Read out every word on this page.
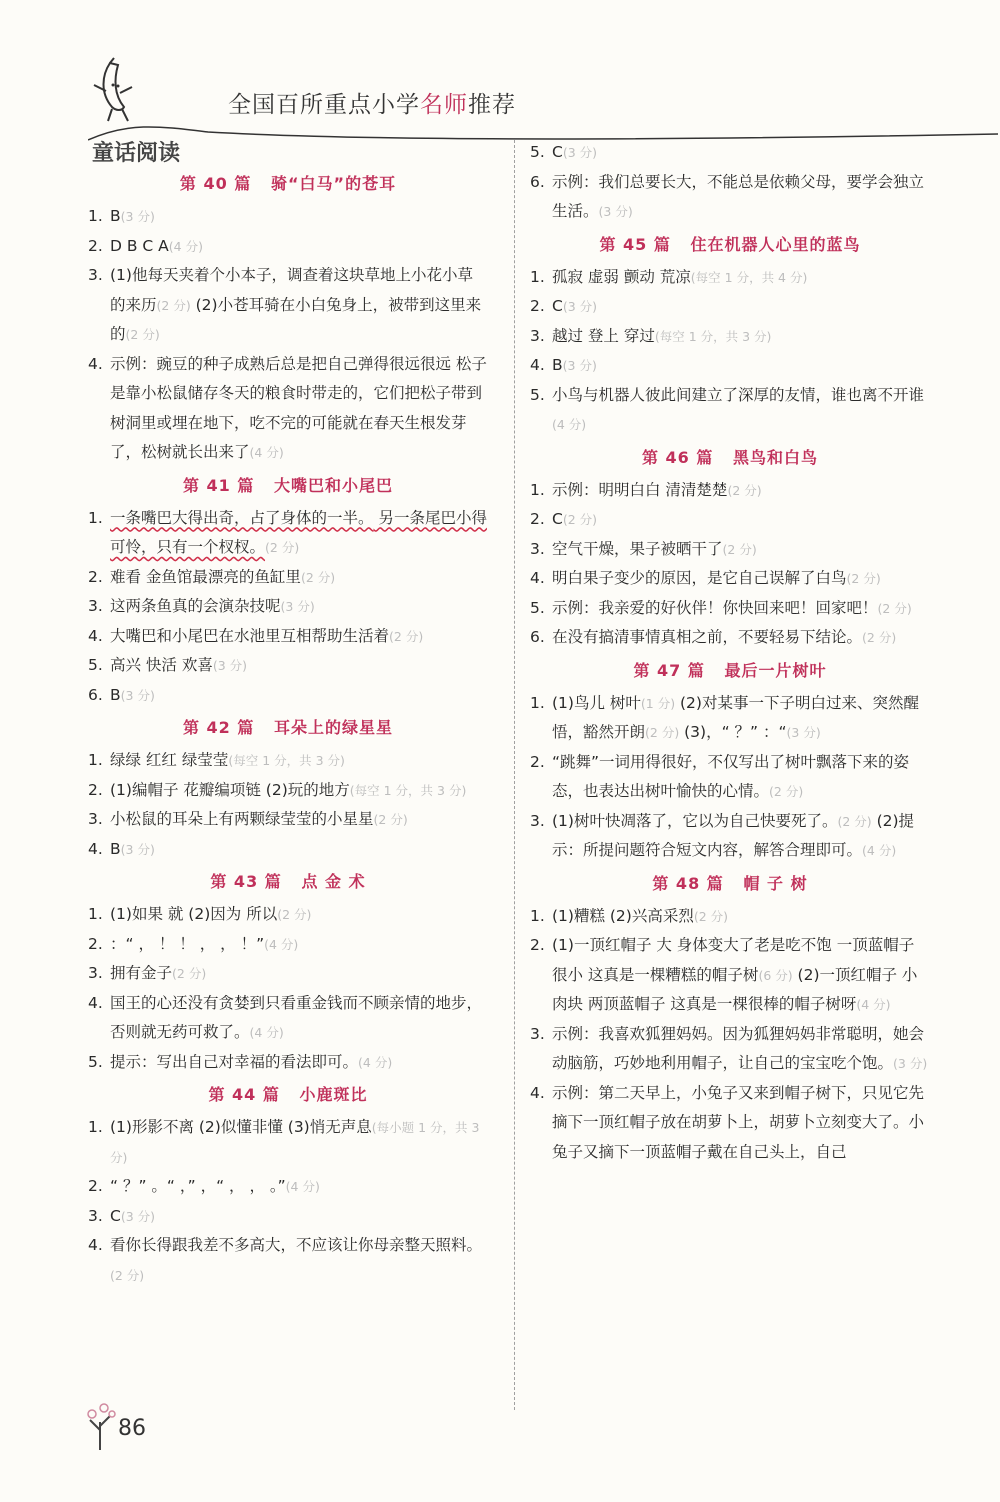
全国百所重点小学名师推荐
童话阅读
第 40 篇   骑“白马”的苍耳
1. B(3 分)
2. D B C A(4 分)
3. (1)他每天夹着个小本子，调查着这块草地上小花小草的来历(2 分) (2)小苍耳骑在小白兔身上，被带到这里来的(2 分)
4. 示例：豌豆的种子成熟后总是把自己弹得很远很远 松子是靠小松鼠储存冬天的粮食时带走的，它们把松子带到树洞里或埋在地下，吃不完的可能就在春天生根发芽了，松树就长出来了(4 分)
第 41 篇   大嘴巴和小尾巴
1. 一条嘴巴大得出奇，占了身体的一半。 另一条尾巴小得可怜，只有一个杈杈。(2 分)
2. 难看 金鱼馆最漂亮的鱼缸里(2 分)
3. 这两条鱼真的会演杂技呢(3 分)
4. 大嘴巴和小尾巴在水池里互相帮助生活着(2 分)
5. 高兴 快活 欢喜(3 分)
6. B(3 分)
第 42 篇   耳朵上的绿星星
1. 绿绿 红红 绿莹莹(每空 1 分，共 3 分)
2. (1)编帽子 花瓣编项链 (2)玩的地方(每空 1 分，共 3 分)
3. 小松鼠的耳朵上有两颗绿莹莹的小星星(2 分)
4. B(3 分)
第 43 篇   点 金 术
1. (1)如果 就 (2)因为 所以(2 分)
2. ：“ ， ！ ！ ， ， ！”(4 分)
3. 拥有金子(2 分)
4. 国王的心还没有贪婪到只看重金钱而不顾亲情的地步，否则就无药可救了。(4 分)
5. 提示：写出自己对幸福的看法即可。(4 分)
第 44 篇   小鹿斑比
1. (1)形影不离 (2)似懂非懂 (3)悄无声息(每小题 1 分，共 3 分)
2. “ ？” 。“ ，” ，“ ， ， 。”(4 分)
3. C(3 分)
4. 看你长得跟我差不多高大，不应该让你母亲整天照料。(2 分)
5. C(3 分)
6. 示例：我们总要长大，不能总是依赖父母，要学会独立生活。(3 分)
第 45 篇   住在机器人心里的蓝鸟
1. 孤寂 虚弱 颤动 荒凉(每空 1 分，共 4 分)
2. C(3 分)
3. 越过 登上 穿过(每空 1 分，共 3 分)
4. B(3 分)
5. 小鸟与机器人彼此间建立了深厚的友情，谁也离不开谁(4 分)
第 46 篇   黑鸟和白鸟
1. 示例：明明白白 清清楚楚(2 分)
2. C(2 分)
3. 空气干燥，果子被晒干了(2 分)
4. 明白果子变少的原因，是它自己误解了白鸟(2 分)
5. 示例：我亲爱的好伙伴！你快回来吧！回家吧！(2 分)
6. 在没有搞清事情真相之前，不要轻易下结论。(2 分)
第 47 篇   最后一片树叶
1. (1)鸟儿 树叶(1 分) (2)对某事一下子明白过来、突然醒悟，豁然开朗(2 分) (3)，“ ？” ：“(3 分)
2. “跳舞”一词用得很好，不仅写出了树叶飘落下来的姿态，也表达出树叶愉快的心情。(2 分)
3. (1)树叶快凋落了，它以为自己快要死了。(2 分) (2)提示：所提问题符合短文内容，解答合理即可。(4 分)
第 48 篇   帽 子 树
1. (1)糟糕 (2)兴高采烈(2 分)
2. (1)一顶红帽子 大 身体变大了老是吃不饱 一顶蓝帽子 很小 这真是一棵糟糕的帽子树(6 分) (2)一顶红帽子 小肉块 两顶蓝帽子 这真是一棵很棒的帽子树呀(4 分)
3. 示例：我喜欢狐狸妈妈。因为狐狸妈妈非常聪明，她会动脑筋，巧妙地利用帽子，让自己的宝宝吃个饱。(3 分)
4. 示例：第二天早上，小兔子又来到帽子树下，只见它先摘下一顶红帽子放在胡萝卜上，胡萝卜立刻变大了。小兔子又摘下一顶蓝帽子戴在自己头上，自己
86
